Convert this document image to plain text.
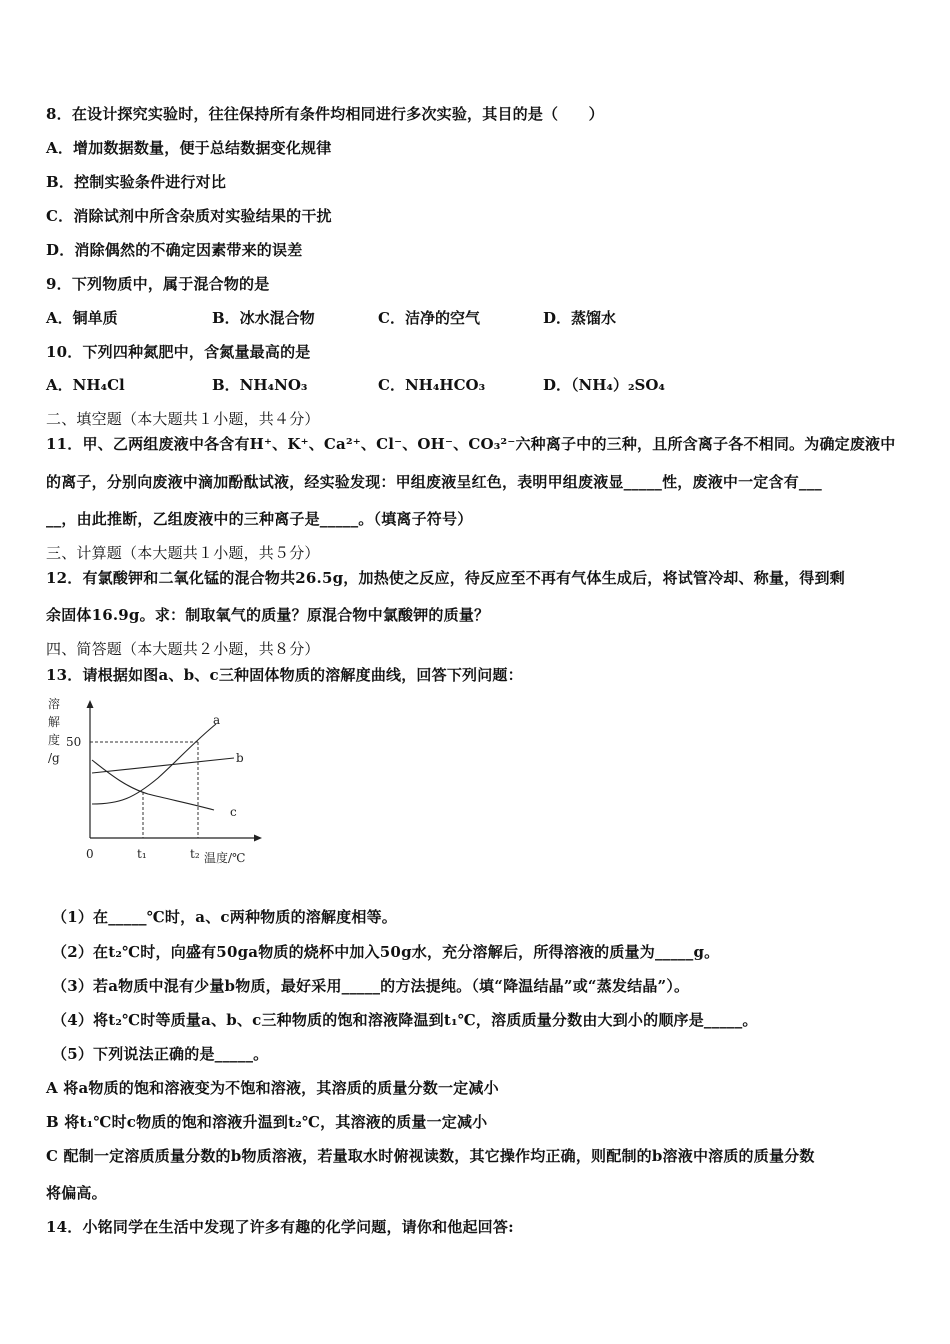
8．在设计探究实验时，往往保持所有条件均相同进行多次实验，其目的是（　　）
A．增加数据数量，便于总结数据变化规律
B．控制实验条件进行对比
C．消除试剂中所含杂质对实验结果的干扰
D．消除偶然的不确定因素带来的误差
9．下列物质中，属于混合物的是
A．铜单质	B．冰水混合物	C．洁净的空气	D．蒸馏水
10．下列四种氮肥中，含氮量最高的是
A．NH₄Cl	B．NH₄NO₃	C．NH₄HCO₃	D．（NH₄）₂SO₄
二、填空题（本大题共１小题，共４分）
11．甲、乙两组废液中各含有H⁺、K⁺、Ca²⁺、Cl⁻、OH⁻、CO₃²⁻六种离子中的三种，且所含离子各不相同。为确定废液中
的离子，分别向废液中滴加酚酞试液，经实验发现：甲组废液呈红色，表明甲组废液显_____性，废液中一定含有___
__，由此推断，乙组废液中的三种离子是_____。（填离子符号）
三、计算题（本大题共１小题，共５分）
12．有氯酸钾和二氧化锰的混合物共26.5g，加热使之反应，待反应至不再有气体生成后，将试管冷却、称量，得到剩
余固体16.9g。求：制取氧气的质量？原混合物中氯酸钾的质量？
四、简答题（本大题共２小题，共８分）
13．请根据如图a、b、c三种固体物质的溶解度曲线，回答下列问题：
溶
解
度
/g
50
0	t₁	t₂ 温度/℃
a
b
c
（1）在_____℃时，a、c两种物质的溶解度相等。
（2）在t₂℃时，向盛有50ga物质的烧杯中加入50g水，充分溶解后，所得溶液的质量为_____g。
（3）若a物质中混有少量b物质，最好采用_____的方法提纯。（填“降温结晶”或“蒸发结晶”）。
（4）将t₂℃时等质量a、b、c三种物质的饱和溶液降温到t₁℃，溶质质量分数由大到小的顺序是_____。
（5）下列说法正确的是_____。
A 将a物质的饱和溶液变为不饱和溶液，其溶质的质量分数一定减小
B 将t₁℃时c物质的饱和溶液升温到t₂℃，其溶液的质量一定减小
C 配制一定溶质质量分数的b物质溶液，若量取水时俯视读数，其它操作均正确，则配制的b溶液中溶质的质量分数
将偏高。
14．小铭同学在生活中发现了许多有趣的化学问题，请你和他起回答:
